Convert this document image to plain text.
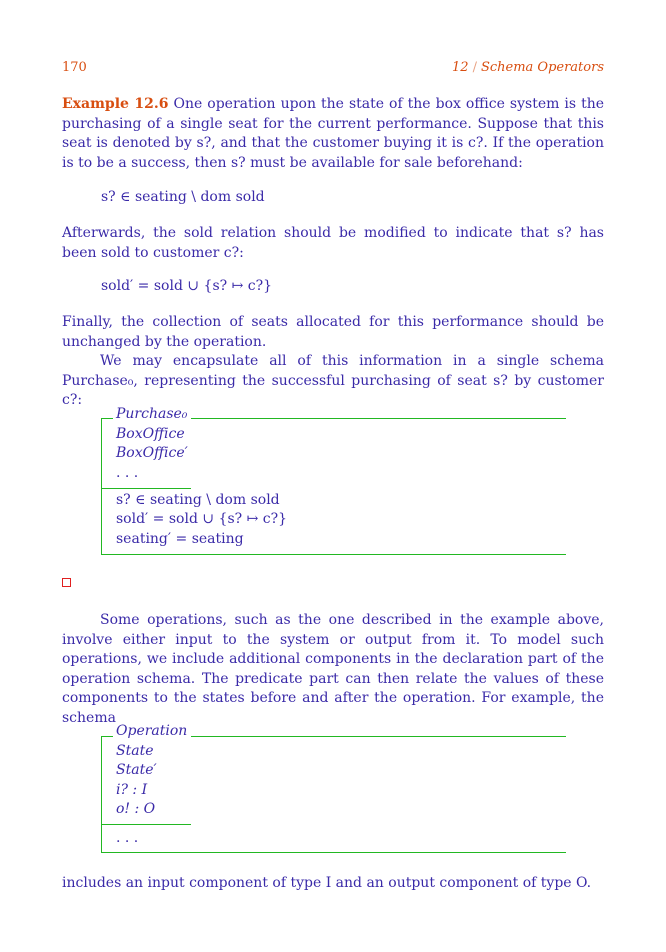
170	12 / Schema Operators
Example 12.6 One operation upon the state of the box office system is the purchasing of a single seat for the current performance. Suppose that this seat is denoted by s?, and that the customer buying it is c?. If the operation is to be a success, then s? must be available for sale beforehand:
s? ∈ seating \ dom sold
Afterwards, the sold relation should be modified to indicate that s? has been sold to customer c?:
sold′ = sold ∪ {s? ↦ c?}
Finally, the collection of seats allocated for this performance should be unchanged by the operation.
We may encapsulate all of this information in a single schema Purchase₀, representing the successful purchasing of seat s? by customer c?:
Purchase₀
BoxOffice
BoxOffice′
. . .
s? ∈ seating \ dom sold
sold′ = sold ∪ {s? ↦ c?}
seating′ = seating
Some operations, such as the one described in the example above, involve either input to the system or output from it. To model such operations, we include additional components in the declaration part of the operation schema. The predicate part can then relate the values of these components to the states before and after the operation. For example, the schema
Operation
State
State′
i? : I
o! : O
. . .
includes an input component of type I and an output component of type O.
